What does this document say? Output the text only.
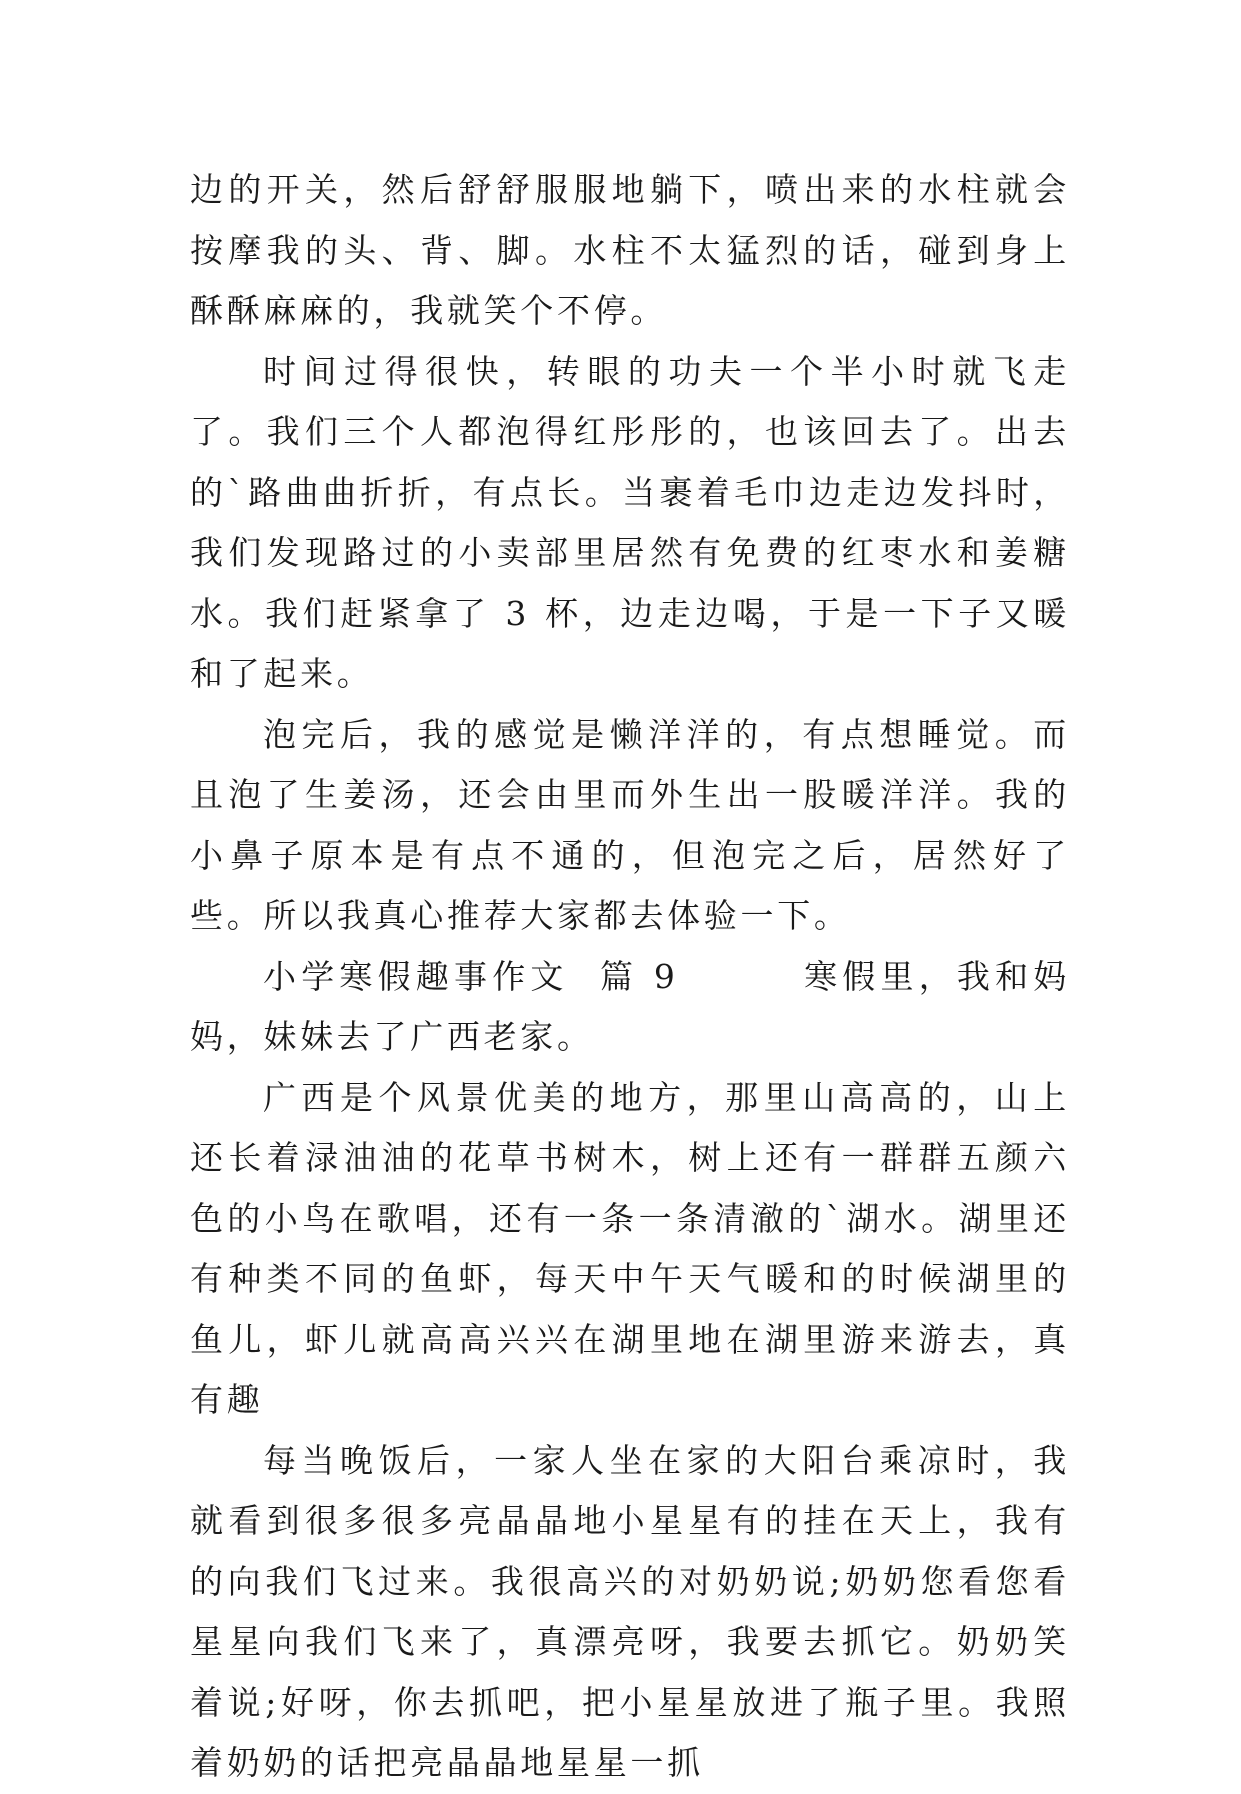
边的开关，然后舒舒服服地躺下，喷出来的水柱就会按摩我的头、背、脚。水柱不太猛烈的话，碰到身上酥酥麻麻的，我就笑个不停。

时间过得很快，转眼的功夫一个半小时就飞走了。我们三个人都泡得红彤彤的，也该回去了。出去的`路曲曲折折，有点长。当裹着毛巾边走边发抖时，我们发现路过的小卖部里居然有免费的红枣水和姜糖水。我们赶紧拿了 3 杯，边走边喝，于是一下子又暖和了起来。

泡完后，我的感觉是懒洋洋的，有点想睡觉。而且泡了生姜汤，还会由里而外生出一股暖洋洋。我的小鼻子原本是有点不通的，但泡完之后，居然好了些。所以我真心推荐大家都去体验一下。

小学寒假趣事作文  篇 9        寒假里，我和妈妈，妹妹去了广西老家。

广西是个风景优美的地方，那里山高高的，山上还长着渌油油的花草书树木，树上还有一群群五颜六色的小鸟在歌唱，还有一条一条清澈的`湖水。湖里还有种类不同的鱼虾，每天中午天气暖和的时候湖里的鱼儿，虾儿就高高兴兴在湖里地在湖里游来游去，真有趣

每当晚饭后，一家人坐在家的大阳台乘凉时，我就看到很多很多亮晶晶地小星星有的挂在天上，我有的向我们飞过来。我很高兴的对奶奶说;奶奶您看您看星星向我们飞来了，真漂亮呀，我要去抓它。奶奶笑着说;好呀，你去抓吧，把小星星放进了瓶子里。我照着奶奶的话把亮晶晶地星星一抓
